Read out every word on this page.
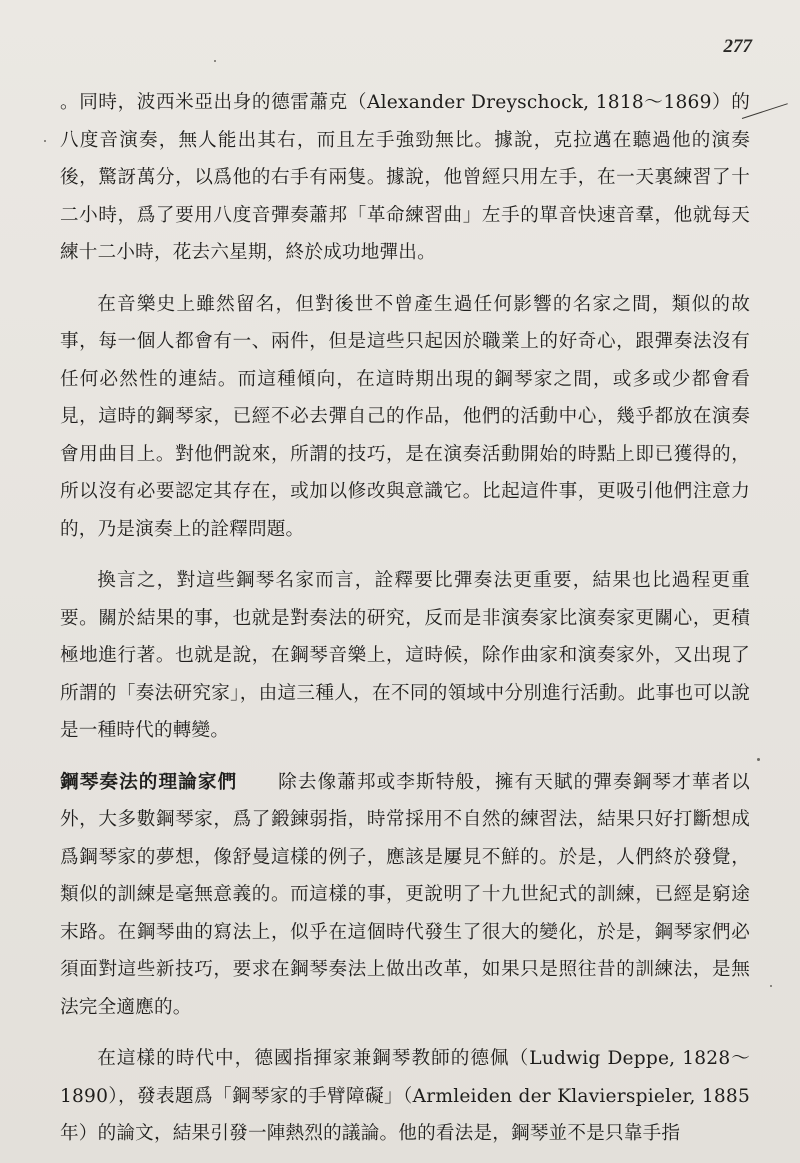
277

。同時，波西米亞出身的德雷蕭克（Alexander Dreyschock, 1818〜1869）的八度音演奏，無人能出其右，而且左手強勁無比。據說，克拉邁在聽過他的演奏後，驚訝萬分，以爲他的右手有兩隻。據說，他曾經只用左手，在一天裏練習了十二小時，爲了要用八度音彈奏蕭邦「革命練習曲」左手的單音快速音羣，他就每天練十二小時，花去六星期，終於成功地彈出。

在音樂史上雖然留名，但對後世不曾產生過任何影響的名家之間，類似的故事，每一個人都會有一、兩件，但是這些只起因於職業上的好奇心，跟彈奏法沒有任何必然性的連結。而這種傾向，在這時期出現的鋼琴家之間，或多或少都會看見，這時的鋼琴家，已經不必去彈自己的作品，他們的活動中心，幾乎都放在演奏會用曲目上。對他們說來，所謂的技巧，是在演奏活動開始的時點上即已獲得的，所以沒有必要認定其存在，或加以修改與意識它。比起這件事，更吸引他們注意力的，乃是演奏上的詮釋問題。

換言之，對這些鋼琴名家而言，詮釋要比彈奏法更重要，結果也比過程更重要。關於結果的事，也就是對奏法的研究，反而是非演奏家比演奏家更關心，更積極地進行著。也就是說，在鋼琴音樂上，這時候，除作曲家和演奏家外，又出現了所謂的「奏法研究家」，由這三種人，在不同的領域中分別進行活動。此事也可以說是一種時代的轉變。

鋼琴奏法的理論家們 除去像蕭邦或李斯特般，擁有天賦的彈奏鋼琴才華者以外，大多數鋼琴家，爲了鍛鍊弱指，時常採用不自然的練習法，結果只好打斷想成爲鋼琴家的夢想，像舒曼這樣的例子，應該是屢見不鮮的。於是，人們終於發覺，類似的訓練是毫無意義的。而這樣的事，更說明了十九世紀式的訓練，已經是窮途末路。在鋼琴曲的寫法上，似乎在這個時代發生了很大的變化，於是，鋼琴家們必須面對這些新技巧，要求在鋼琴奏法上做出改革，如果只是照往昔的訓練法，是無法完全適應的。

在這樣的時代中，德國指揮家兼鋼琴教師的德佩（Ludwig Deppe, 1828〜1890），發表題爲「鋼琴家的手臂障礙」（Armleiden der Klavierspieler, 1885年）的論文，結果引發一陣熱烈的議論。他的看法是，鋼琴並不是只靠手指
